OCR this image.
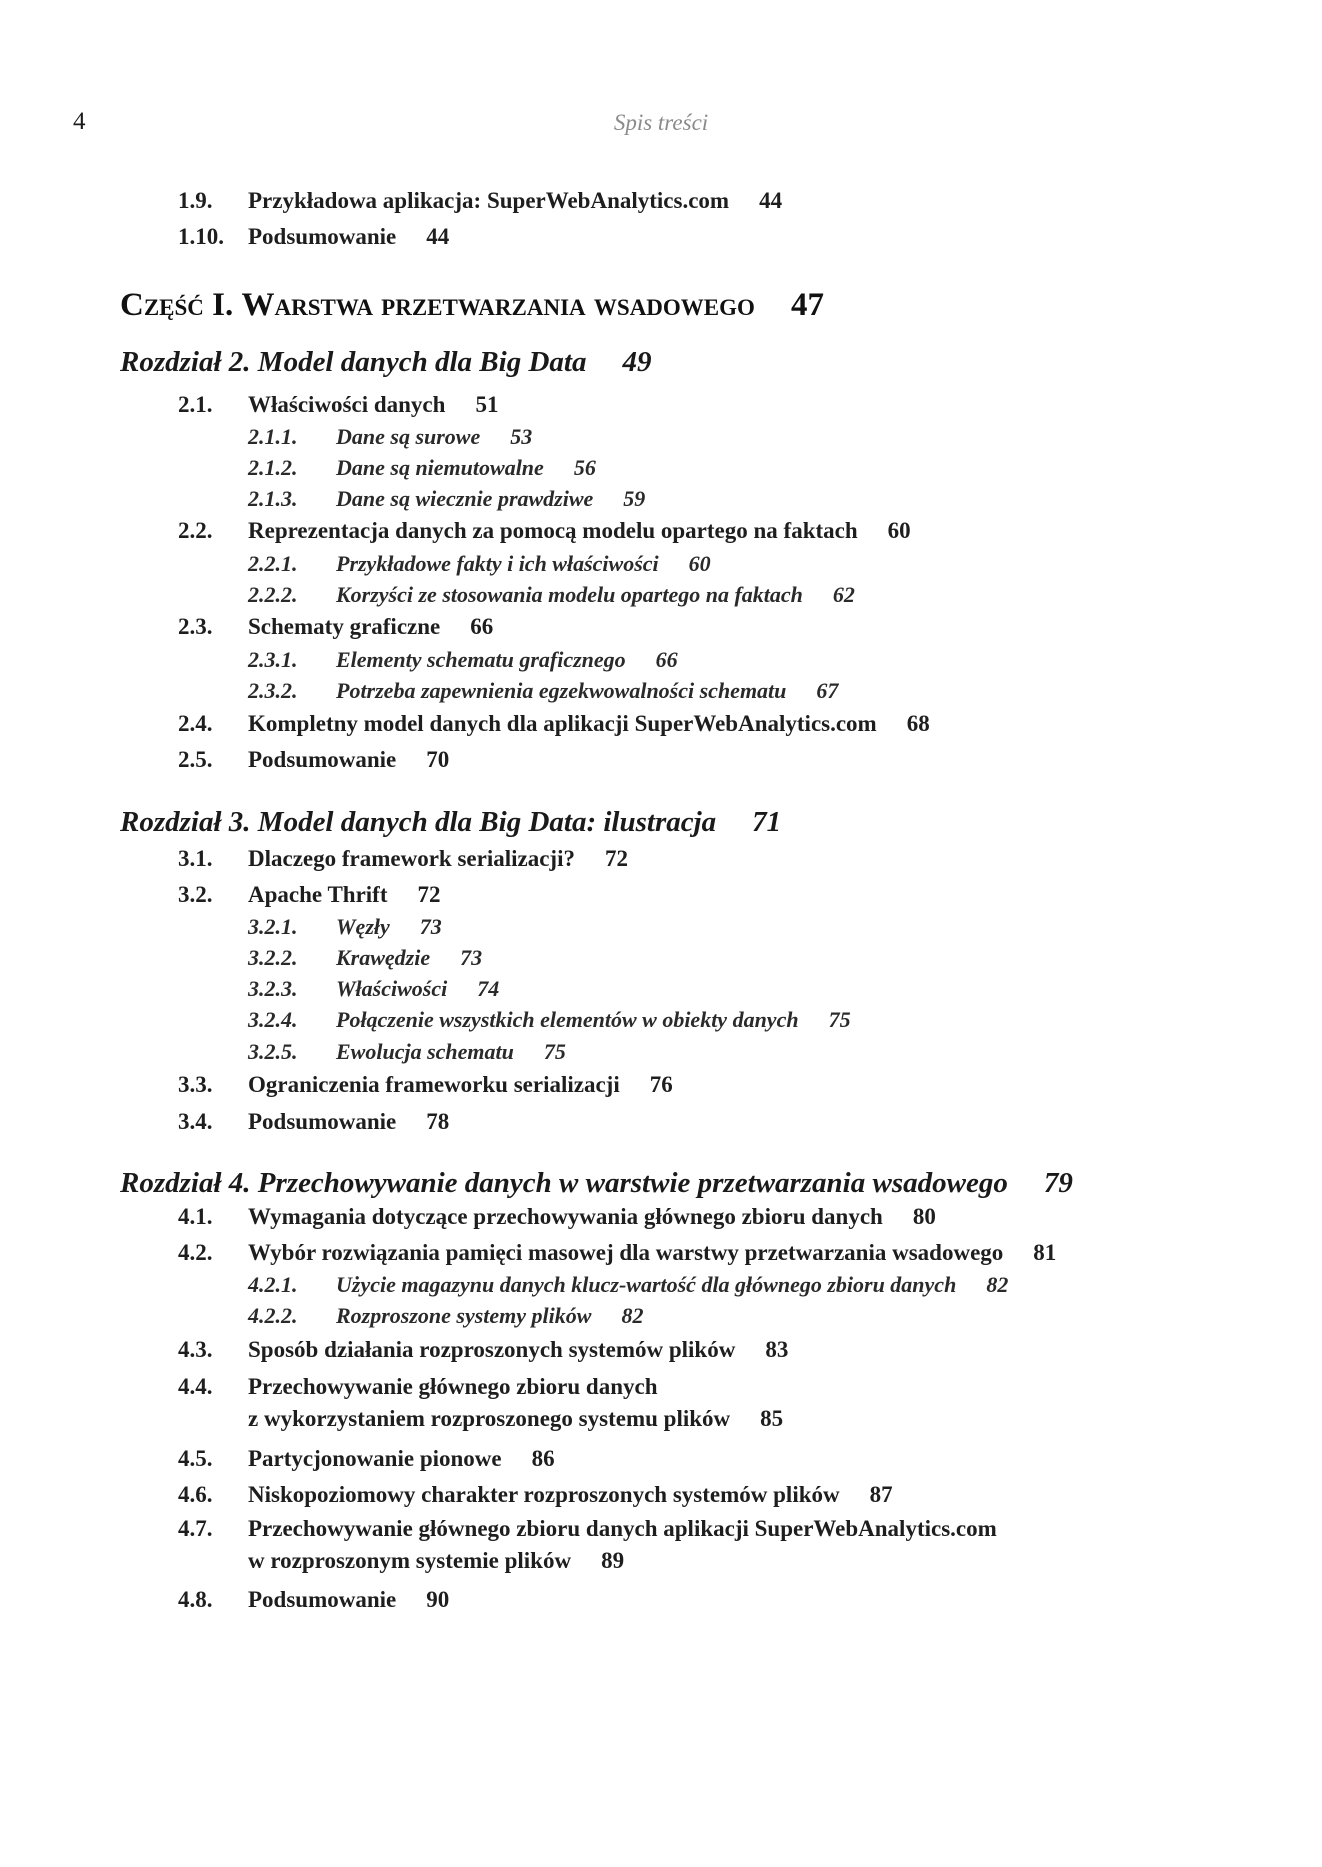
4	Spis treści
1.9. Przykładowa aplikacja: SuperWebAnalytics.com 44
1.10. Podsumowanie 44
Część I. Warstwa przetwarzania wsadowego 47
Rozdział 2. Model danych dla Big Data 49
2.1. Właściwości danych 51
2.1.1. Dane są surowe 53
2.1.2. Dane są niemutowalne 56
2.1.3. Dane są wiecznie prawdziwe 59
2.2. Reprezentacja danych za pomocą modelu opartego na faktach 60
2.2.1. Przykładowe fakty i ich właściwości 60
2.2.2. Korzyści ze stosowania modelu opartego na faktach 62
2.3. Schematy graficzne 66
2.3.1. Elementy schematu graficznego 66
2.3.2. Potrzeba zapewnienia egzekwowalności schematu 67
2.4. Kompletny model danych dla aplikacji SuperWebAnalytics.com 68
2.5. Podsumowanie 70
Rozdział 3. Model danych dla Big Data: ilustracja 71
3.1. Dlaczego framework serializacji? 72
3.2. Apache Thrift 72
3.2.1. Węzły 73
3.2.2. Krawędzie 73
3.2.3. Właściwości 74
3.2.4. Połączenie wszystkich elementów w obiekty danych 75
3.2.5. Ewolucja schematu 75
3.3. Ograniczenia frameworku serializacji 76
3.4. Podsumowanie 78
Rozdział 4. Przechowywanie danych w warstwie przetwarzania wsadowego 79
4.1. Wymagania dotyczące przechowywania głównego zbioru danych 80
4.2. Wybór rozwiązania pamięci masowej dla warstwy przetwarzania wsadowego 81
4.2.1. Użycie magazynu danych klucz-wartość dla głównego zbioru danych 82
4.2.2. Rozproszone systemy plików 82
4.3. Sposób działania rozproszonych systemów plików 83
4.4. Przechowywanie głównego zbioru danych
z wykorzystaniem rozproszonego systemu plików 85
4.5. Partycjonowanie pionowe 86
4.6. Niskopoziomowy charakter rozproszonych systemów plików 87
4.7. Przechowywanie głównego zbioru danych aplikacji SuperWebAnalytics.com
w rozproszonym systemie plików 89
4.8. Podsumowanie 90
